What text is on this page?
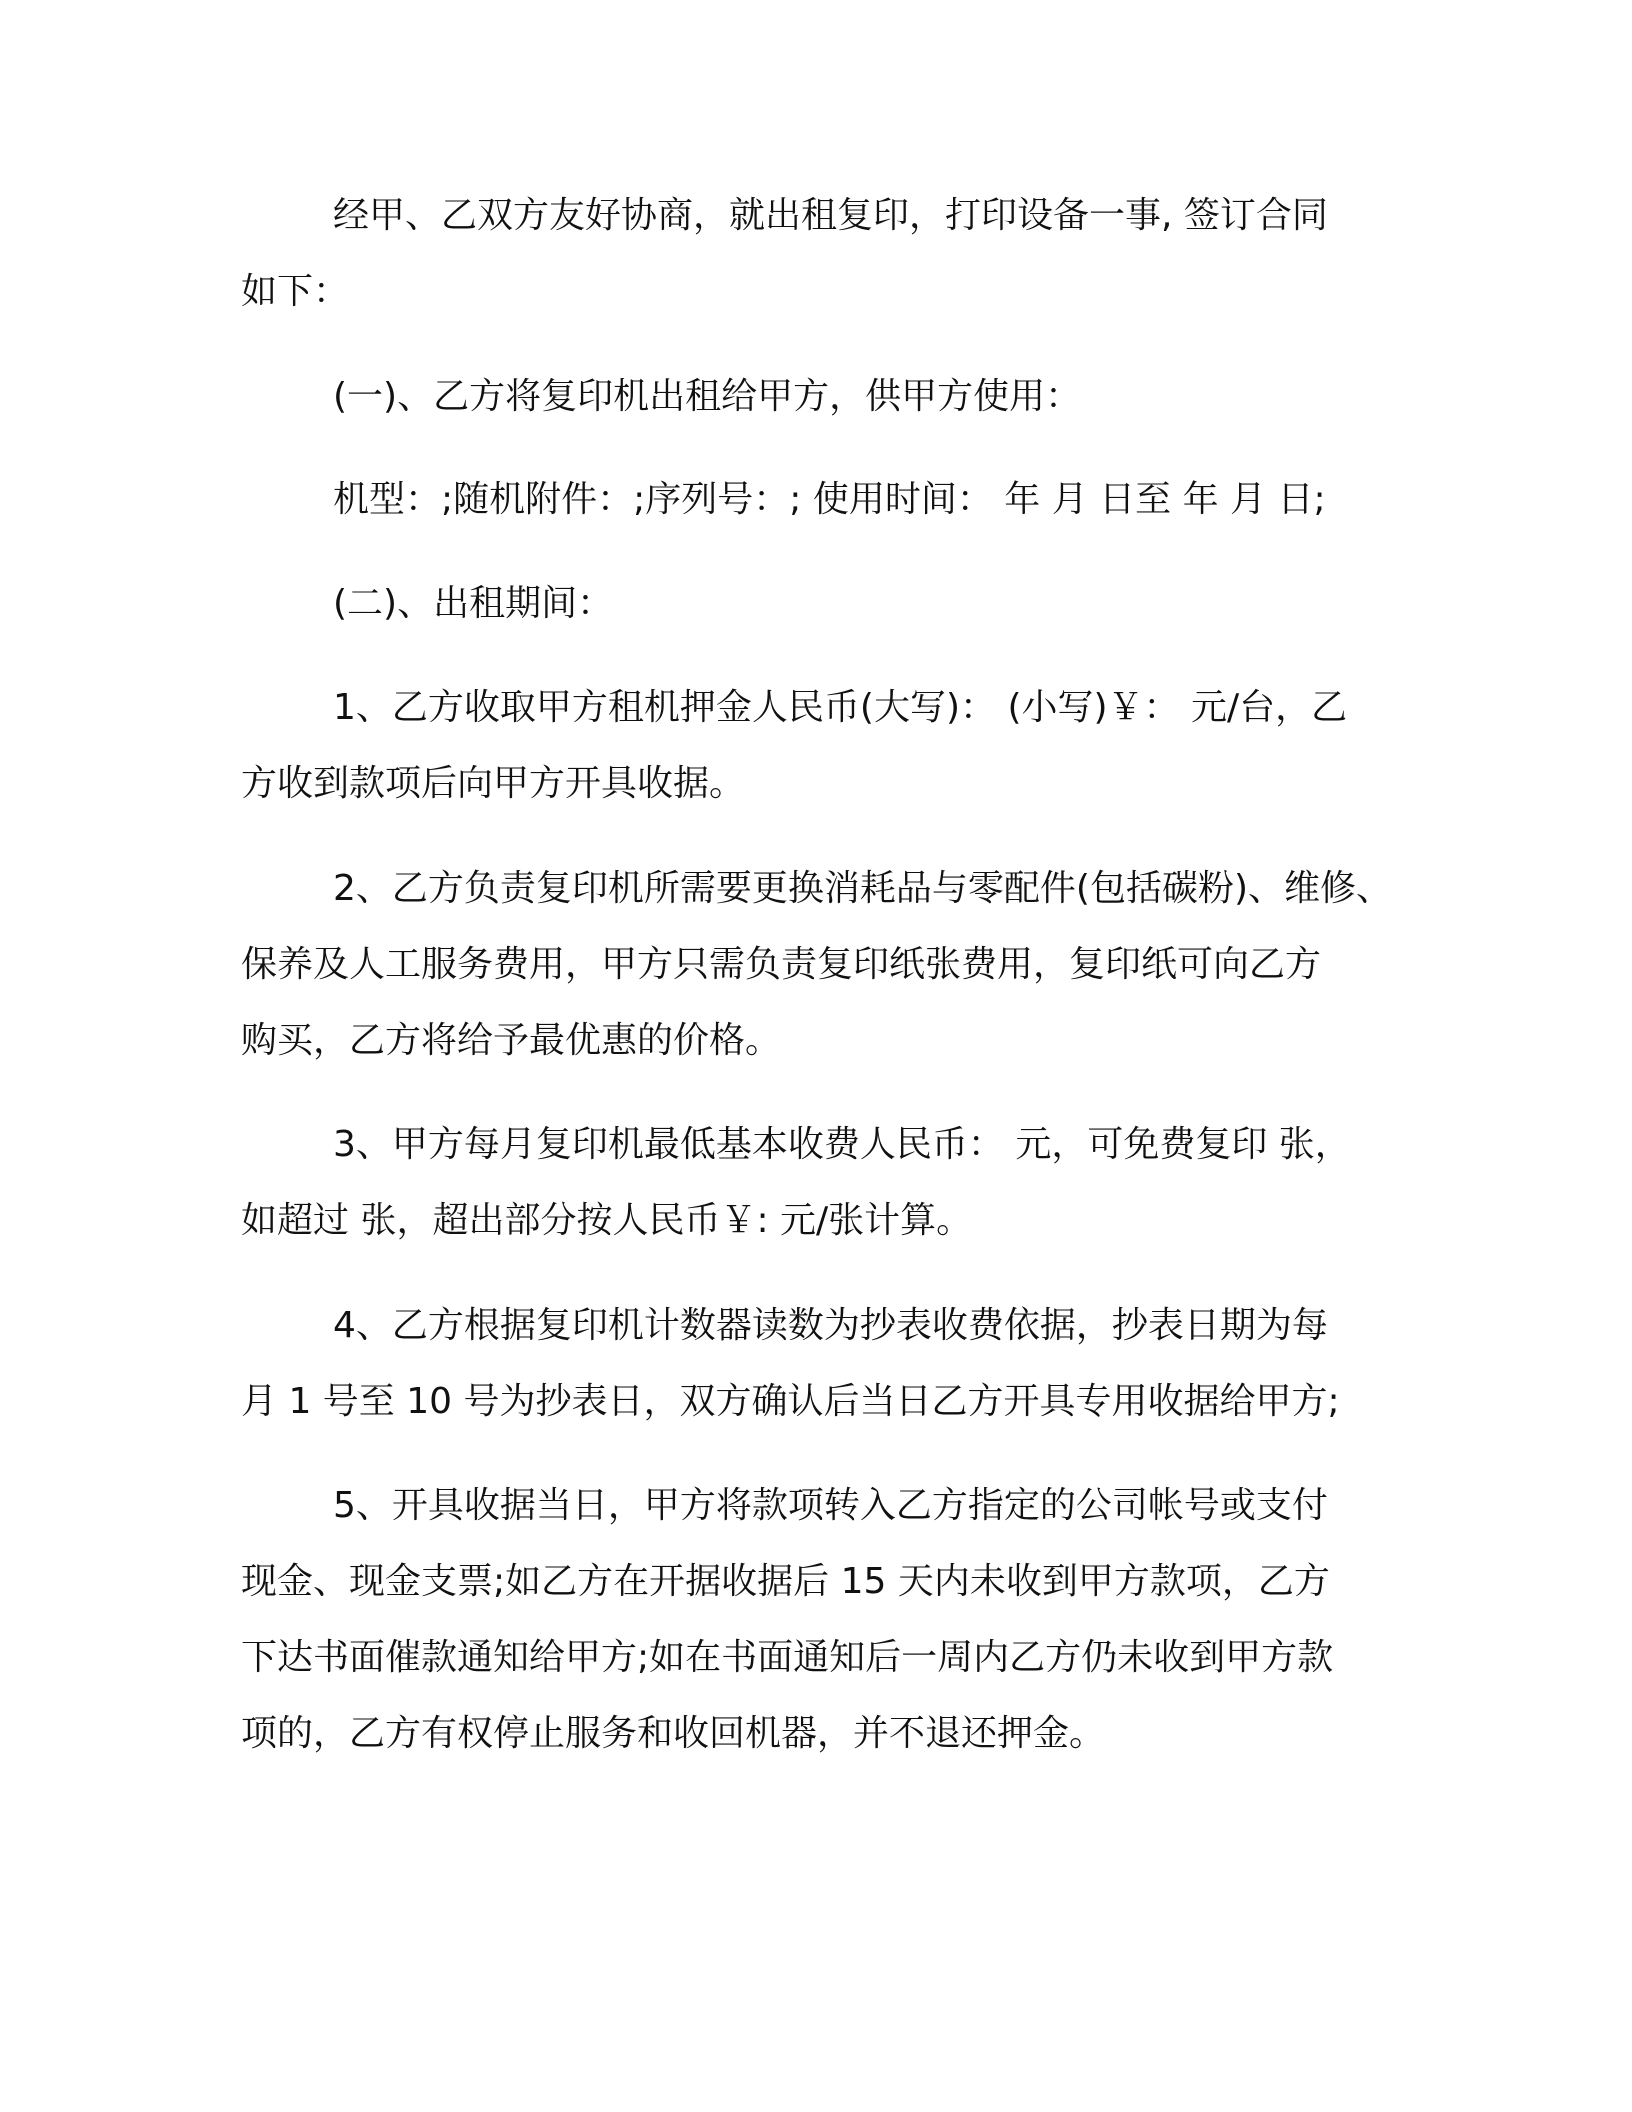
经甲、乙双方友好协商，就出租复印，打印设备一事, 签订合同

如下：

(一)、乙方将复印机出租给甲方，供甲方使用：

机型：;随机附件：;序列号：; 使用时间： 年 月 日至 年 月 日;

(二)、出租期间：

1、乙方收取甲方租机押金人民币(大写)： (小写)￥： 元/台，乙

方收到款项后向甲方开具收据。

2、乙方负责复印机所需要更换消耗品与零配件(包括碳粉)、维修、

保养及人工服务费用，甲方只需负责复印纸张费用，复印纸可向乙方

购买，乙方将给予最优惠的价格。

3、甲方每月复印机最低基本收费人民币： 元，可免费复印 张，

如超过 张，超出部分按人民币￥: 元/张计算。

4、乙方根据复印机计数器读数为抄表收费依据，抄表日期为每

月 1 号至 10 号为抄表日，双方确认后当日乙方开具专用收据给甲方;

5、开具收据当日，甲方将款项转入乙方指定的公司帐号或支付

现金、现金支票;如乙方在开据收据后 15 天内未收到甲方款项，乙方

下达书面催款通知给甲方;如在书面通知后一周内乙方仍未收到甲方款

项的，乙方有权停止服务和收回机器，并不退还押金。
